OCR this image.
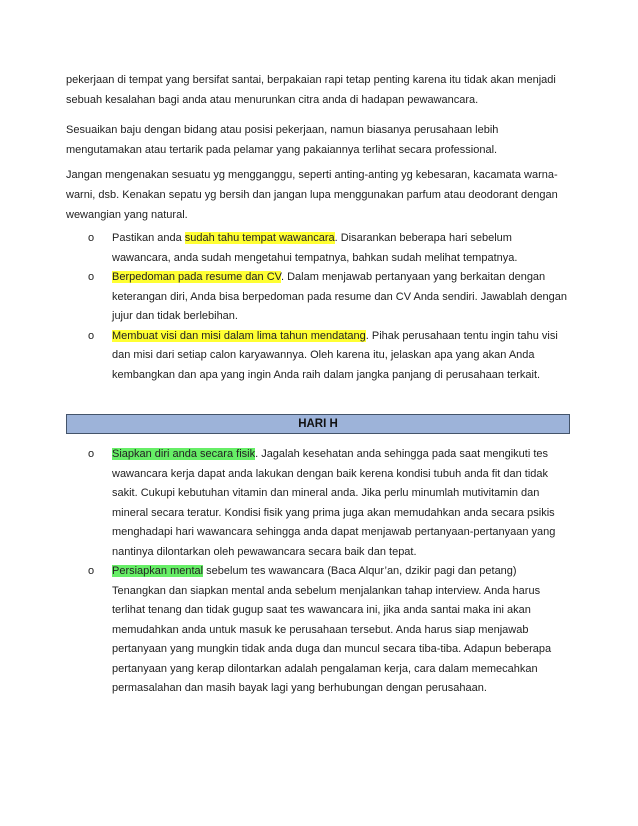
pekerjaan di tempat yang bersifat santai, berpakaian rapi tetap penting karena itu tidak akan menjadi sebuah kesalahan bagi anda atau menurunkan citra anda di hadapan pewawancara.

Sesuaikan baju dengan bidang atau posisi pekerjaan, namun biasanya perusahaan lebih mengutamakan atau tertarik pada pelamar yang pakaiannya terlihat secara professional.

Jangan mengenakan sesuatu yg mengganggu, seperti anting-anting yg kebesaran, kacamata warna-warni, dsb. Kenakan sepatu yg bersih dan jangan lupa menggunakan parfum atau deodorant dengan wewangian yang natural.

o	Pastikan anda sudah tahu tempat wawancara. Disarankan beberapa hari sebelum wawancara, anda sudah mengetahui tempatnya, bahkan sudah melihat tempatnya.
o	Berpedoman pada resume dan CV. Dalam menjawab pertanyaan yang berkaitan dengan keterangan diri, Anda bisa berpedoman pada resume dan CV Anda sendiri. Jawablah dengan jujur dan tidak berlebihan.
o	Membuat visi dan misi dalam lima tahun mendatang. Pihak perusahaan tentu ingin tahu visi dan misi dari setiap calon karyawannya. Oleh karena itu, jelaskan apa yang akan Anda kembangkan dan apa yang ingin Anda raih dalam jangka panjang di perusahaan terkait.
HARI H
o	Siapkan diri anda secara fisik. Jagalah kesehatan anda sehingga pada saat mengikuti tes wawancara kerja dapat anda lakukan dengan baik kerena kondisi tubuh anda fit dan tidak sakit. Cukupi kebutuhan vitamin dan mineral anda. Jika perlu minumlah mutivitamin dan mineral secara teratur. Kondisi fisik yang prima juga akan memudahkan anda secara psikis menghadapi hari wawancara sehingga anda dapat menjawab pertanyaan-pertanyaan yang nantinya dilontarkan oleh pewawancara secara baik dan tepat.
o	Persiapkan mental sebelum tes wawancara (Baca Alqur’an, dzikir pagi dan petang) Tenangkan dan siapkan mental anda sebelum menjalankan tahap interview. Anda harus terlihat tenang dan tidak gugup saat tes wawancara ini, jika anda santai maka ini akan memudahkan anda untuk masuk ke perusahaan tersebut. Anda harus siap menjawab pertanyaan yang mungkin tidak anda duga dan muncul secara tiba-tiba. Adapun beberapa pertanyaan yang kerap dilontarkan adalah pengalaman kerja, cara dalam memecahkan permasalahan dan masih bayak lagi yang berhubungan dengan perusahaan.
